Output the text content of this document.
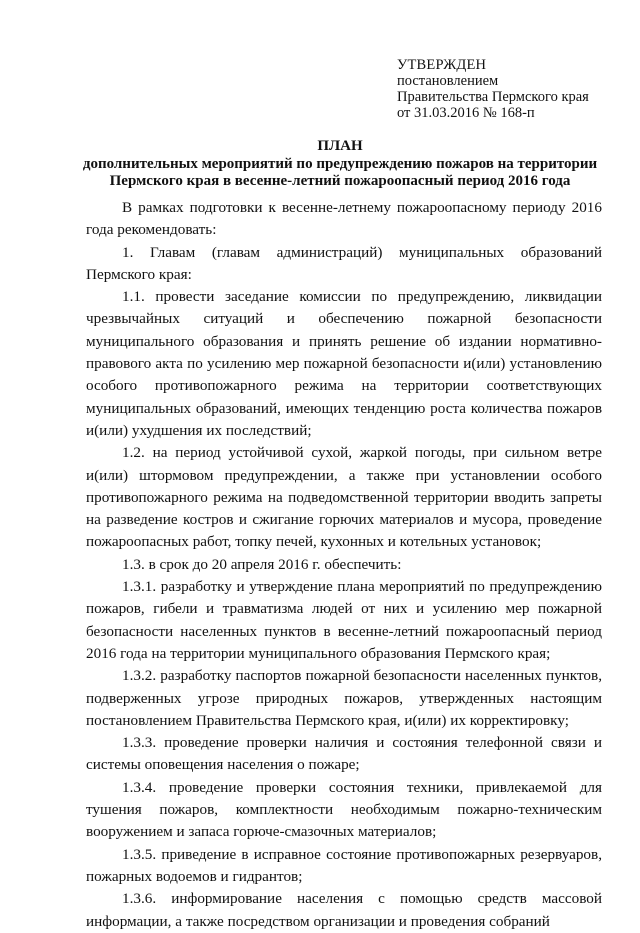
УТВЕРЖДЕН
постановлением
Правительства Пермского края
от 31.03.2016 № 168-п
ПЛАН
дополнительных мероприятий по предупреждению пожаров на территории
Пермского края в весенне-летний пожароопасный период 2016 года

В рамках подготовки к весенне-летнему пожароопасному периоду 2016 года рекомендовать:

1. Главам (главам администраций) муниципальных образований Пермского края:

1.1. провести заседание комиссии по предупреждению, ликвидации чрезвычайных ситуаций и обеспечению пожарной безопасности муниципального образования и принять решение об издании нормативно-правового акта по усилению мер пожарной безопасности и(или) установлению особого противопожарного режима на территории соответствующих муниципальных образований, имеющих тенденцию роста количества пожаров и(или) ухудшения их последствий;

1.2. на период устойчивой сухой, жаркой погоды, при сильном ветре и(или) штормовом предупреждении, а также при установлении особого противопожарного режима на подведомственной территории вводить запреты на разведение костров и сжигание горючих материалов и мусора, проведение пожароопасных работ, топку печей, кухонных и котельных установок;

1.3. в срок до 20 апреля 2016 г. обеспечить:

1.3.1. разработку и утверждение плана мероприятий по предупреждению пожаров, гибели и травматизма людей от них и усилению мер пожарной безопасности населенных пунктов в весенне-летний пожароопасный период 2016 года на территории муниципального образования Пермского края;

1.3.2. разработку паспортов пожарной безопасности населенных пунктов, подверженных угрозе природных пожаров, утвержденных настоящим постановлением Правительства Пермского края, и(или) их корректировку;

1.3.3. проведение проверки наличия и состояния телефонной связи и системы оповещения населения о пожаре;

1.3.4. проведение проверки состояния техники, привлекаемой для тушения пожаров, комплектности необходимым пожарно-техническим вооружением и запаса горюче-смазочных материалов;

1.3.5. приведение в исправное состояние противопожарных резервуаров, пожарных водоемов и гидрантов;

1.3.6. информирование населения с помощью средств массовой информации, а также посредством организации и проведения собраний
